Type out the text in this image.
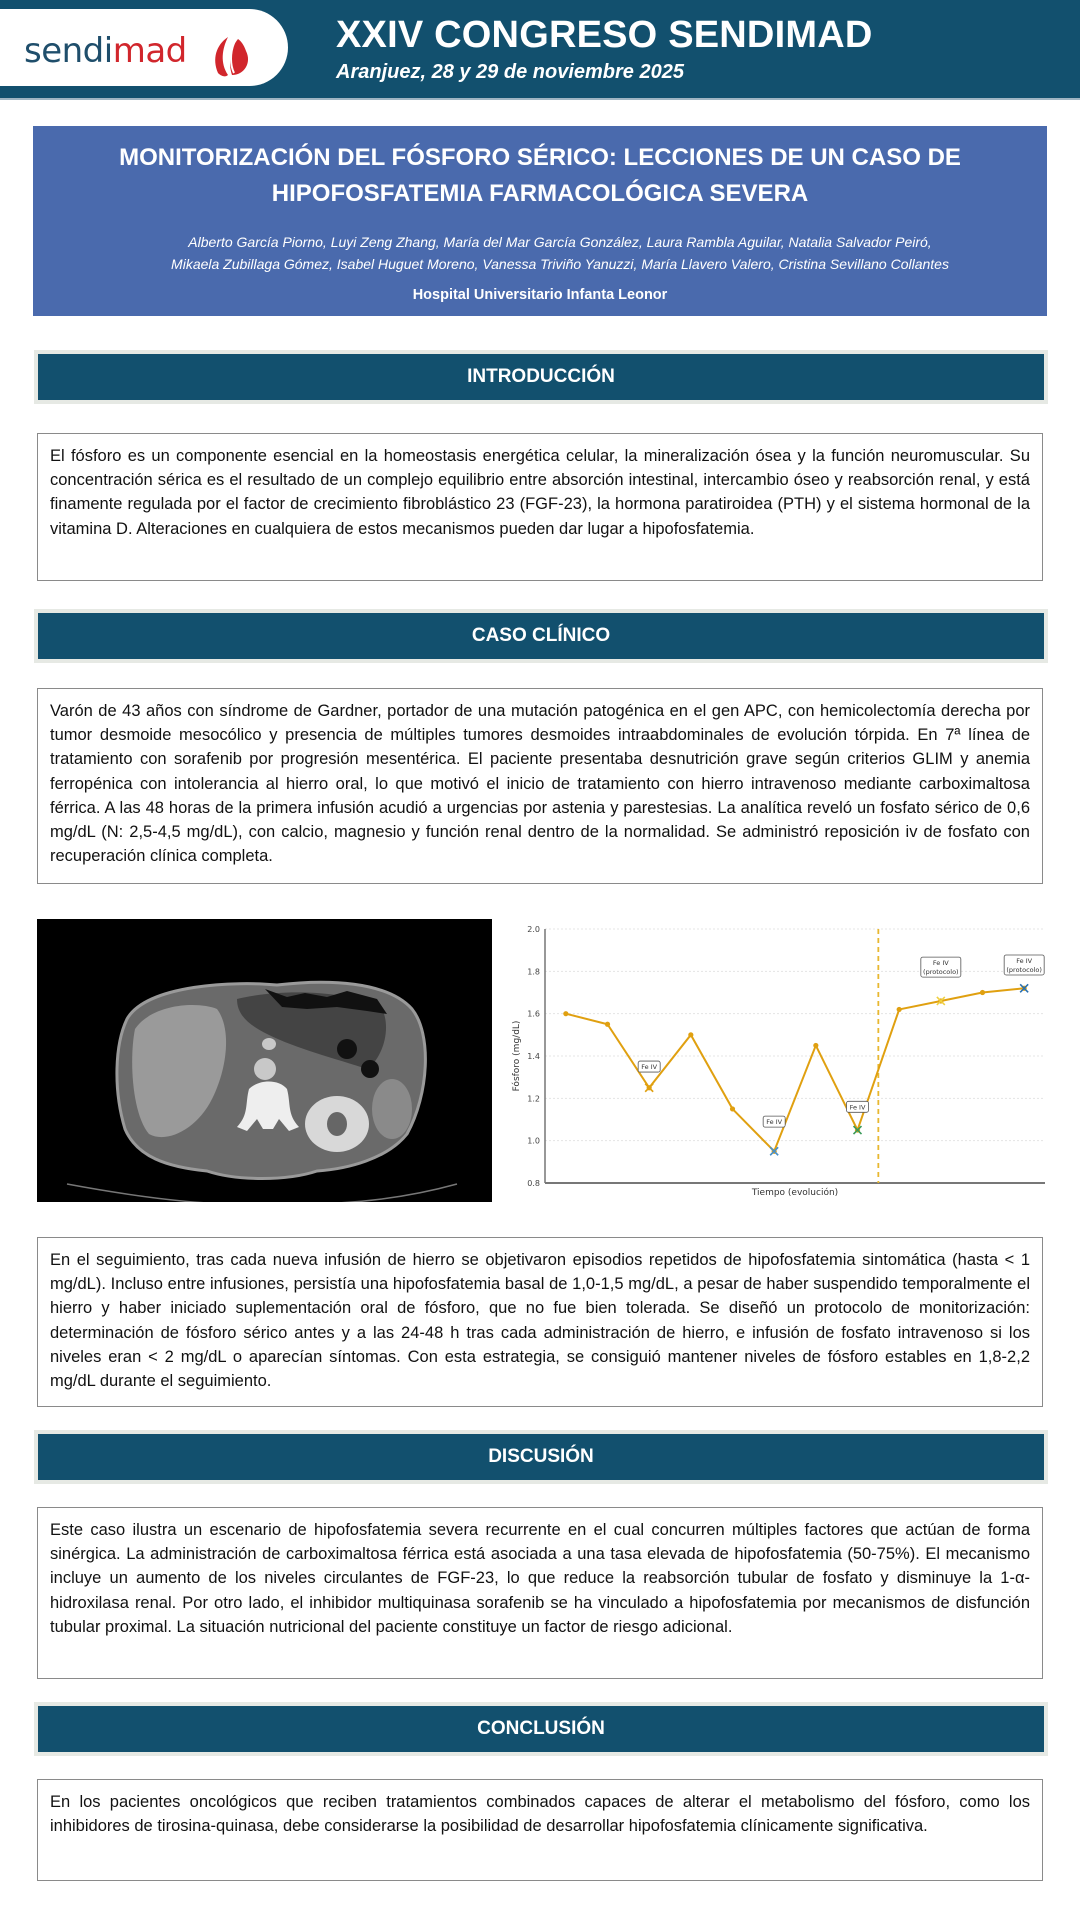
sendimad	XXIV CONGRESO SENDIMAD
Aranjuez, 28 y 29 de noviembre 2025
MONITORIZACIÓN DEL FÓSFORO SÉRICO: LECCIONES DE UN CASO DE
HIPOFOSFATEMIA FARMACOLÓGICA SEVERA
Alberto García Piorno, Luyi Zeng Zhang, María del Mar García González, Laura Rambla Aguilar, Natalia Salvador Peiró,
Mikaela Zubillaga Gómez, Isabel Huguet Moreno, Vanessa Triviño Yanuzzi, María Llavero Valero, Cristina Sevillano Collantes
Hospital Universitario Infanta Leonor
INTRODUCCIÓN
El fósforo es un componente esencial en la homeostasis energética celular, la mineralización ósea y la función neuromuscular. Su concentración sérica es el resultado de un complejo equilibrio entre absorción intestinal, intercambio óseo y reabsorción renal, y está finamente regulada por el factor de crecimiento fibroblástico 23 (FGF-23), la hormona paratiroidea (PTH) y el sistema hormonal de la vitamina D. Alteraciones en cualquiera de estos mecanismos pueden dar lugar a hipofosfatemia.
CASO CLÍNICO
Varón de 43 años con síndrome de Gardner, portador de una mutación patogénica en el gen APC, con hemicolectomía derecha por tumor desmoide mesocólico y presencia de múltiples tumores desmoides intraabdominales de evolución tórpida. En 7ª línea de tratamiento con sorafenib por progresión mesentérica. El paciente presentaba desnutrición grave según criterios GLIM y anemia ferropénica con intolerancia al hierro oral, lo que motivó el inicio de tratamiento con hierro intravenoso mediante carboximaltosa férrica. A las 48 horas de la primera infusión acudió a urgencias por astenia y parestesias. La analítica reveló un fosfato sérico de 0,6 mg/dL (N: 2,5-4,5 mg/dL), con calcio, magnesio y función renal dentro de la normalidad. Se administró reposición iv de fosfato con recuperación clínica completa.
0.8
1.0
1.2
1.4
1.6
1.8
2.0
Fe IV
Fe IV
Fe IV
Fe IV
(protocolo)
Fe IV
(protocolo)
Tiempo (evolución)
Fósforo (mg/dL)
En el seguimiento, tras cada nueva infusión de hierro se objetivaron episodios repetidos de hipofosfatemia sintomática (hasta < 1 mg/dL). Incluso entre infusiones, persistía una hipofosfatemia basal de 1,0-1,5 mg/dL, a pesar de haber suspendido temporalmente el hierro y haber iniciado suplementación oral de fósforo, que no fue bien tolerada. Se diseñó un protocolo de monitorización: determinación de fósforo sérico antes y a las 24-48 h tras cada administración de hierro, e infusión de fosfato intravenoso si los niveles eran < 2 mg/dL o aparecían síntomas. Con esta estrategia, se consiguió mantener niveles de fósforo estables en 1,8-2,2 mg/dL durante el seguimiento.
DISCUSIÓN
Este caso ilustra un escenario de hipofosfatemia severa recurrente en el cual concurren múltiples factores que actúan de forma sinérgica. La administración de carboximaltosa férrica está asociada a una tasa elevada de hipofosfatemia (50-75%). El mecanismo incluye un aumento de los niveles circulantes de FGF-23, lo que reduce la reabsorción tubular de fosfato y disminuye la 1-α-hidroxilasa renal. Por otro lado, el inhibidor multiquinasa sorafenib se ha vinculado a hipofosfatemia por mecanismos de disfunción tubular proximal. La situación nutricional del paciente constituye un factor de riesgo adicional.
CONCLUSIÓN
En los pacientes oncológicos que reciben tratamientos combinados capaces de alterar el metabolismo del fósforo, como los inhibidores de tirosina-quinasa, debe considerarse la posibilidad de desarrollar hipofosfatemia clínicamente significativa.
